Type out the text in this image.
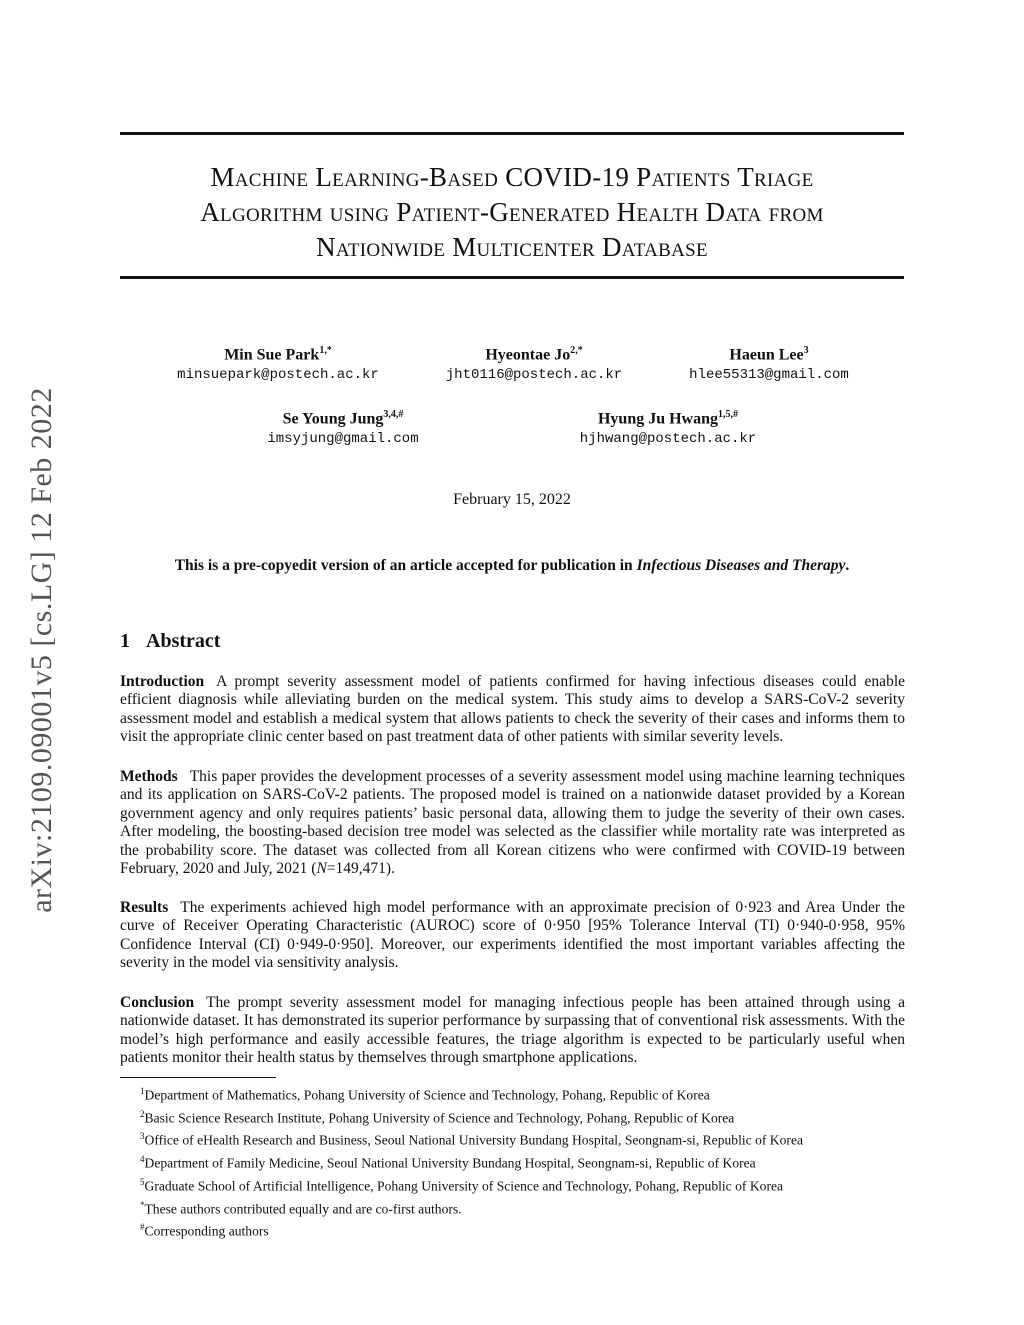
arXiv:2109.09001v5 [cs.LG] 12 Feb 2022
Machine Learning-Based COVID-19 Patients Triage
Algorithm using Patient-Generated Health Data from
Nationwide Multicenter Database
Min Sue Park$^{1,*}$
minsuepark@postech.ac.kr
Hyeontae $Jo^{2,*}$
jht0116@postech.ac.kr
Haeun Lee$^3$
hlee55313@gmail.com
Se Young Jung$^{3,4,\#}$
imsyjung@gmail.com
Hyung Ju Hwang$^{1,5,\#}$
hjhwang@postech.ac.kr
February 15, 2022
This is a pre-copyedit version of an article accepted for publication in Infectious Diseases and Therapy.
1 Abstract
Introduction A prompt severity assessment model of patients confirmed for having infectious diseases could enable efficient diagnosis while alleviating burden on the medical system. This study aims to develop a SARS-CoV-2 severity assessment model and establish a medical system that allows patients to check the severity of their cases and informs them to visit the appropriate clinic center based on past treatment data of other patients with similar severity levels.
Methods This paper provides the development processes of a severity assessment model using machine learning techniques and its application on SARS-CoV-2 patients. The proposed model is trained on a nationwide dataset provided by a Korean government agency and only requires patients’ basic personal data, allowing them to judge the severity of their own cases. After modeling, the boosting-based decision tree model was selected as the classifier while mortality rate was interpreted as the probability score. The dataset was collected from all Korean citizens who were confirmed with COVID-19 between February, 2020 and July, 2021 (N=149,471).
Results The experiments achieved high model performance with an approximate precision of 0·923 and Area Under the curve of Receiver Operating Characteristic (AUROC) score of 0·950 [95% Tolerance Interval (TI) 0·940-0·958, 95% Confidence Interval (CI) 0·949-0·950]. Moreover, our experiments identified the most important variables affecting the severity in the model via sensitivity analysis.
Conclusion The prompt severity assessment model for managing infectious people has been attained through using a nationwide dataset. It has demonstrated its superior performance by surpassing that of conventional risk assessments. With the model’s high performance and easily accessible features, the triage algorithm is expected to be particularly useful when patients monitor their health status by themselves through smartphone applications.
$^1$Department of Mathematics, Pohang University of Science and Technology, Pohang, Republic of Korea
$^2$Basic Science Research Institute, Pohang University of Science and Technology, Pohang, Republic of Korea
$^3$Office of eHealth Research and Business, Seoul National University Bundang Hospital, Seongnam-si, Republic of Korea
$^4$Department of Family Medicine, Seoul National University Bundang Hospital, Seongnam-si, Republic of Korea
$^5$Graduate School of Artificial Intelligence, Pohang University of Science and Technology, Pohang, Republic of Korea
*These authors contributed equally and are co-first authors.
#Corresponding authors
